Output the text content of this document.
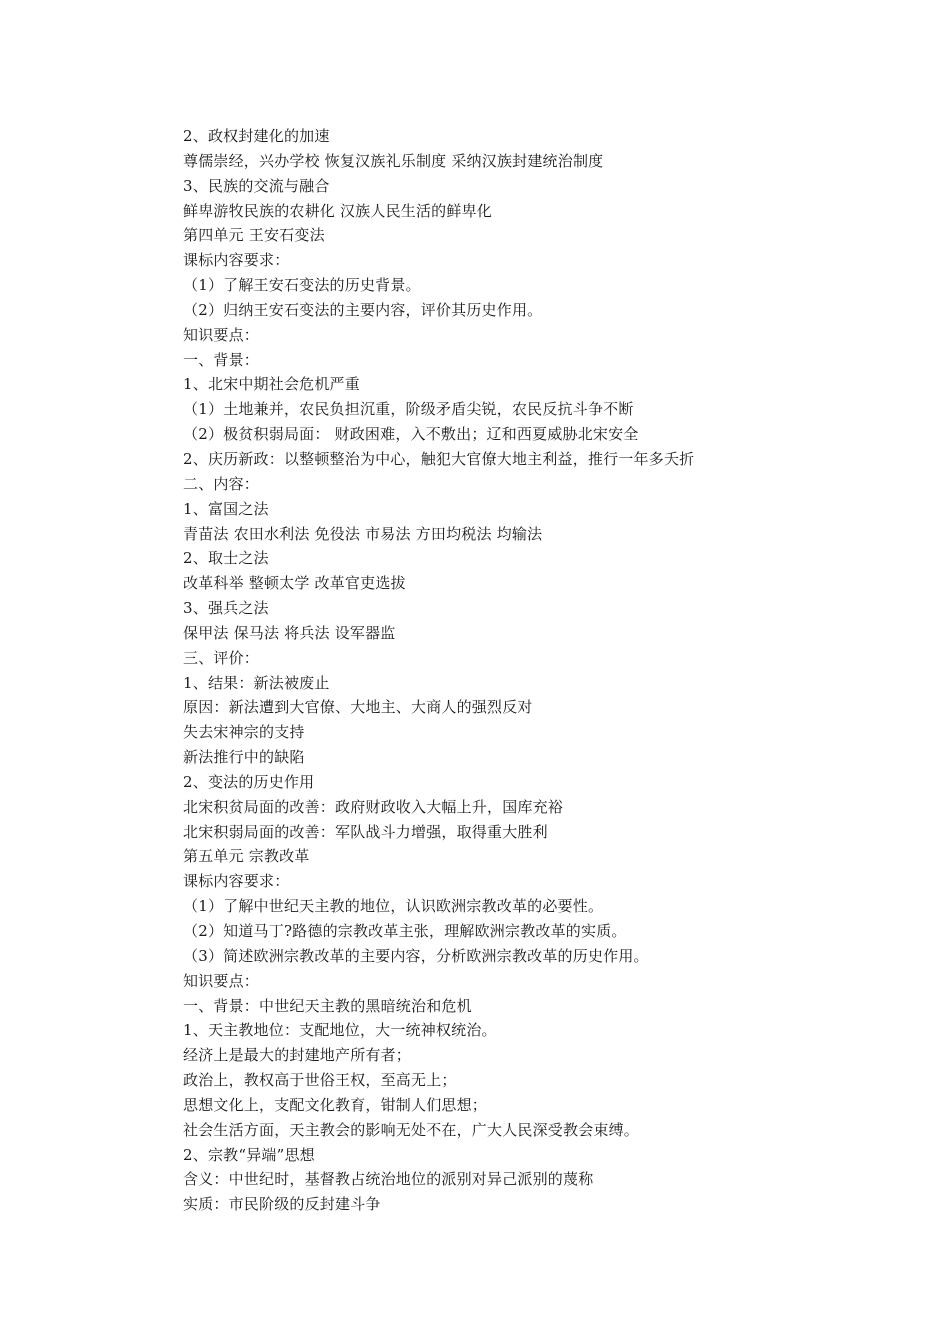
2、政权封建化的加速
尊儒崇经，兴办学校 恢复汉族礼乐制度 采纳汉族封建统治制度
3、民族的交流与融合
鲜卑游牧民族的农耕化 汉族人民生活的鲜卑化
第四单元 王安石变法
课标内容要求：
（1）了解王安石变法的历史背景。
（2）归纳王安石变法的主要内容，评价其历史作用。
知识要点：
一、背景：
1、北宋中期社会危机严重
（1）土地兼并，农民负担沉重，阶级矛盾尖锐，农民反抗斗争不断
（2）极贫积弱局面： 财政困难，入不敷出；辽和西夏威胁北宋安全
2、庆历新政：以整顿整治为中心，触犯大官僚大地主利益，推行一年多夭折
二、内容：
1、富国之法
青苗法 农田水利法 免役法 市易法 方田均税法 均输法
2、取士之法
改革科举 整顿太学 改革官吏选拔
3、强兵之法
保甲法 保马法 将兵法 设军器监
三、评价：
1、结果：新法被废止
原因：新法遭到大官僚、大地主、大商人的强烈反对
失去宋神宗的支持
新法推行中的缺陷
2、变法的历史作用
北宋积贫局面的改善：政府财政收入大幅上升，国库充裕
北宋积弱局面的改善：军队战斗力增强，取得重大胜利
第五单元 宗教改革
课标内容要求：
（1）了解中世纪天主教的地位，认识欧洲宗教改革的必要性。
（2）知道马丁?路德的宗教改革主张，理解欧洲宗教改革的实质。
（3）简述欧洲宗教改革的主要内容，分析欧洲宗教改革的历史作用。
知识要点：
一、背景：中世纪天主教的黑暗统治和危机
1、天主教地位：支配地位，大一统神权统治。
经济上是最大的封建地产所有者；
政治上，教权高于世俗王权，至高无上；
思想文化上，支配文化教育，钳制人们思想；
社会生活方面，天主教会的影响无处不在，广大人民深受教会束缚。
2、宗教“异端”思想
含义：中世纪时，基督教占统治地位的派别对异己派别的蔑称
实质：市民阶级的反封建斗争
